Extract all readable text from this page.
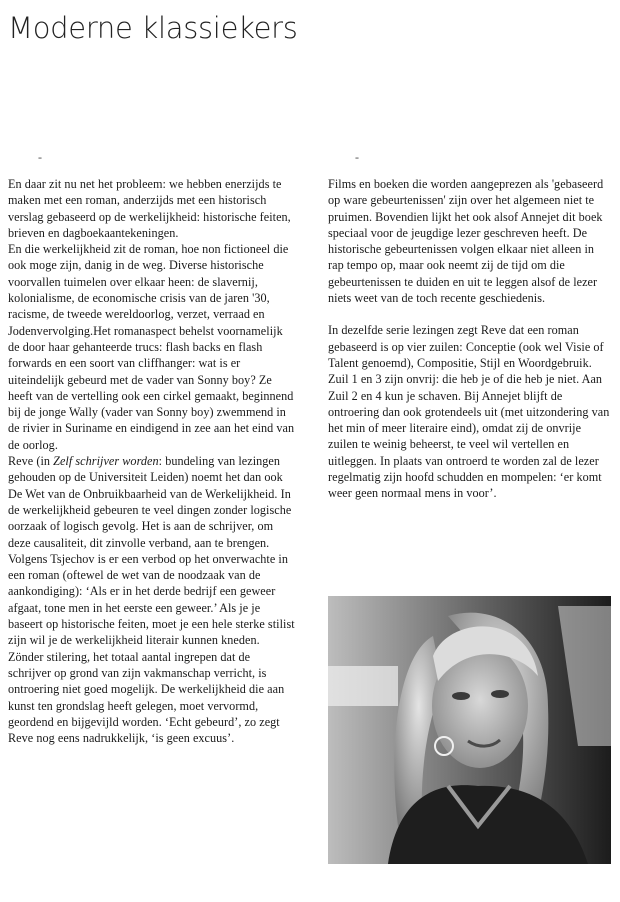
Moderne klassiekers
-	-

En daar zit nu net het probleem: we hebben enerzijds te maken met een roman, anderzijds met een historisch verslag gebaseerd op de werkelijkheid: historische feiten, brieven en dagboekaantekeningen.

En die werkelijkheid zit de roman, hoe non fictioneel die ook moge zijn, danig in de weg. Diverse historische voorvallen tuimelen over elkaar heen: de slavernij, kolonialisme, de economische crisis van de jaren '30, racisme, de tweede wereldoorlog, verzet, verraad en Jodenvervolging.Het romanaspect behelst voornamelijk de door haar gehanteerde trucs: flash backs en flash forwards en een soort van cliffhanger: wat is er uiteindelijk gebeurd met de vader van Sonny boy? Ze heeft van de vertelling ook een cirkel gemaakt, beginnend bij de jonge Wally (vader van Sonny boy) zwemmend in de rivier in Suriname en eindigend in zee aan het eind van de oorlog.

Reve (in Zelf schrijver worden: bundeling van lezingen gehouden op de Universiteit Leiden) noemt het dan ook De Wet van de Onbruikbaarheid van de Werkelijkheid. In de werkelijkheid gebeuren te veel dingen zonder logische oorzaak of logisch gevolg. Het is aan de schrijver, om deze causaliteit, dit zinvolle verband, aan te brengen. Volgens Tsjechov is er een verbod op het onverwachte in een roman (oftewel de wet van de noodzaak van de aankondiging): ‘Als er in het derde bedrijf een geweer afgaat, tone men in het eerste een geweer.’ Als je je baseert op historische feiten, moet je een hele sterke stilist zijn wil je de werkelijkheid literair kunnen kneden.

Zönder stilering, het totaal aantal ingrepen dat de schrijver op grond van zijn vakmanschap verricht, is ontroering niet goed mogelijk. De werkelijkheid die aan kunst ten grondslag heeft gelegen, moet vervormd, geordend en bijgevijld worden. ‘Echt gebeurd’, zo zegt Reve nog eens nadrukkelijk, ‘is geen excuus’.

Films en boeken die worden aangeprezen als 'gebaseerd op ware gebeurtenissen' zijn over het algemeen niet te pruimen. Bovendien lijkt het ook alsof Annejet dit boek speciaal voor de jeugdige lezer geschreven heeft. De historische gebeurtenissen volgen elkaar niet alleen in rap tempo op, maar ook neemt zij de tijd om die gebeurtenissen te duiden en uit te leggen alsof de lezer niets weet van de toch recente geschiedenis.

In dezelfde serie lezingen zegt Reve dat een roman gebaseerd is op vier zuilen: Conceptie (ook wel Visie of Talent genoemd), Compositie, Stijl en Woordgebruik. Zuil 1 en 3 zijn onvrij: die heb je of die heb je niet. Aan Zuil 2 en 4 kun je schaven. Bij Annejet blijft de ontroering dan ook grotendeels uit (met uitzondering van het min of meer literaire eind), omdat zij de onvrije zuilen te weinig beheerst, te veel wil vertellen en uitleggen. In plaats van ontroerd te worden zal de lezer regelmatig zijn hoofd schudden en mompelen: ‘er komt weer geen normaal mens in voor’.
